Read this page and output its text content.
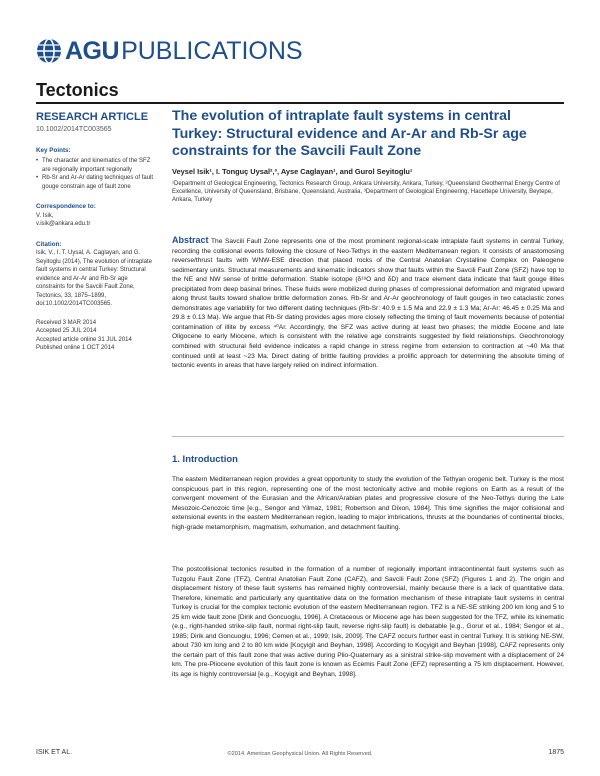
AGU PUBLICATIONS
Tectonics
RESEARCH ARTICLE
10.1002/2014TC003565
Key Points:
• The character and kinematics of the SFZ are regionally important regionally
• Rb-Sr and Ar-Ar dating techniques of fault gouge constrain age of fault zone
Correspondence to:
V. Isik,
v.isik@ankara.edu.tr
Citation:
Isik, V., I. T. Uysal, A. Caglayan, and G. Seyitoglu (2014), The evolution of intraplate fault systems in central Turkey: Structural evidence and Ar-Ar and Rb-Sr age constraints for the Savcili Fault Zone, Tectonics, 33, 1875–1899, doi:10.1002/2014TC003565.
Received 3 MAR 2014
Accepted 25 JUL 2014
Accepted article online 31 JUL 2014
Published online 1 OCT 2014
The evolution of intraplate fault systems in central Turkey: Structural evidence and Ar-Ar and Rb-Sr age constraints for the Savcili Fault Zone
Veysel Isik¹, I. Tonguç Uysal²,³, Ayse Caglayan¹, and Gurol Seyitoglu¹
¹Department of Geological Engineering, Tectonics Research Group, Ankara University, Ankara, Turkey, ²Queensland Geothermal Energy Centre of Excellence, University of Queensland, Brisbane, Queensland, Australia, ³Department of Geological Engineering, Hacettepe University, Beytepe, Ankara, Turkey
Abstract The Savcili Fault Zone represents one of the most prominent regional-scale intraplate fault systems in central Turkey, recording the collisional events following the closure of Neo-Tethys in the eastern Mediterranean region. It consists of anastomosing reverse/thrust faults with WNW-ESE direction that placed rocks of the Central Anatolian Crystalline Complex on Paleogene sedimentary units. Structural measurements and kinematic indicators show that faults within the Savcili Fault Zone (SFZ) have top to the NE and NW sense of brittle deformation. Stable isotope (δ¹⁸O and δD) and trace element data indicate that fault gouge illites precipitated from deep basinal brines. These fluids were mobilized during phases of compressional deformation and migrated upward along thrust faults toward shallow brittle deformation zones. Rb-Sr and Ar-Ar geochronology of fault gouges in two cataclastic zones demonstrates age variability for two different dating techniques (Rb-Sr: 40.9 ± 1.5 Ma and 22.9 ± 1.3 Ma; Ar-Ar: 46.45 ± 0.25 Ma and 29.8 ± 0.13 Ma). We argue that Rb-Sr dating provides ages more closely reflecting the timing of fault movements because of potential contamination of illite by excess ⁴⁰Ar. Accordingly, the SFZ was active during at least two phases; the middle Eocene and late Oligocene to early Miocene, which is consistent with the relative age constraints suggested by field relationships. Geochronology combined with structural field evidence indicates a rapid change in stress regime from extension to contraction at ~40 Ma that continued until at least ~23 Ma. Direct dating of brittle faulting provides a prolific approach for determining the absolute timing of tectonic events in areas that have largely relied on indirect information.
1. Introduction
The eastern Mediterranean region provides a great opportunity to study the evolution of the Tethyan orogenic belt. Turkey is the most conspicuous part in this region, representing one of the most tectonically active and mobile regions on Earth as a result of the convergent movement of the Eurasian and the African/Arabian plates and progressive closure of the Neo-Tethys during the Late Mesozoic-Cenozoic time [e.g., Sengor and Yilmaz, 1981; Robertson and Dixon, 1984]. This time signifies the major collisional and extensional events in the eastern Mediterranean region, leading to major imbrications, thrusts at the boundaries of continental blocks, high-grade metamorphism, magmatism, exhumation, and detachment faulting.
The postcollisional tectonics resulted in the formation of a number of regionally important intracontinental fault systems such as Tuzgolu Fault Zone (TFZ), Central Anatolian Fault Zone (CAFZ), and Savcili Fault Zone (SFZ) (Figures 1 and 2). The origin and displacement history of these fault systems has remained highly controversial, mainly because there is a lack of quantitative data. Therefore, kinematic and particularly any quantitative data on the formation mechanism of these intraplate fault systems in central Turkey is crucial for the complex tectonic evolution of the eastern Mediterranean region. TFZ is a NE-SE striking 200 km long and 5 to 25 km wide fault zone [Dirik and Goncuoglu, 1996]. A Cretaceous or Miocene age has been suggested for the TFZ, while its kinematic (e.g., right-handed strike-slip fault, normal right-slip fault, reverse right-slip fault) is debatable [e.g., Gorur et al., 1984; Sengor et al., 1985; Dirik and Goncuoglu, 1996; Cemen et al., 1999; Isik, 2009]. The CAFZ occurs further east in central Turkey. It is striking NE-SW, about 730 km long and 2 to 80 km wide [Koçyigit and Beyhan, 1998]. According to Koçyigit and Beyhan [1998], CAFZ represents only the certain part of this fault zone that was active during Plio-Quaternary as a sinistral strike-slip movement with a displacement of 24 km. The pre-Pliocene evolution of this fault zone is known as Ecemis Fault Zone (EFZ) representing a 75 km displacement. However, its age is highly controversial [e.g., Koçyigit and Beyhan, 1998].
ISIK ET AL.	©2014. American Geophysical Union. All Rights Reserved.	1875
